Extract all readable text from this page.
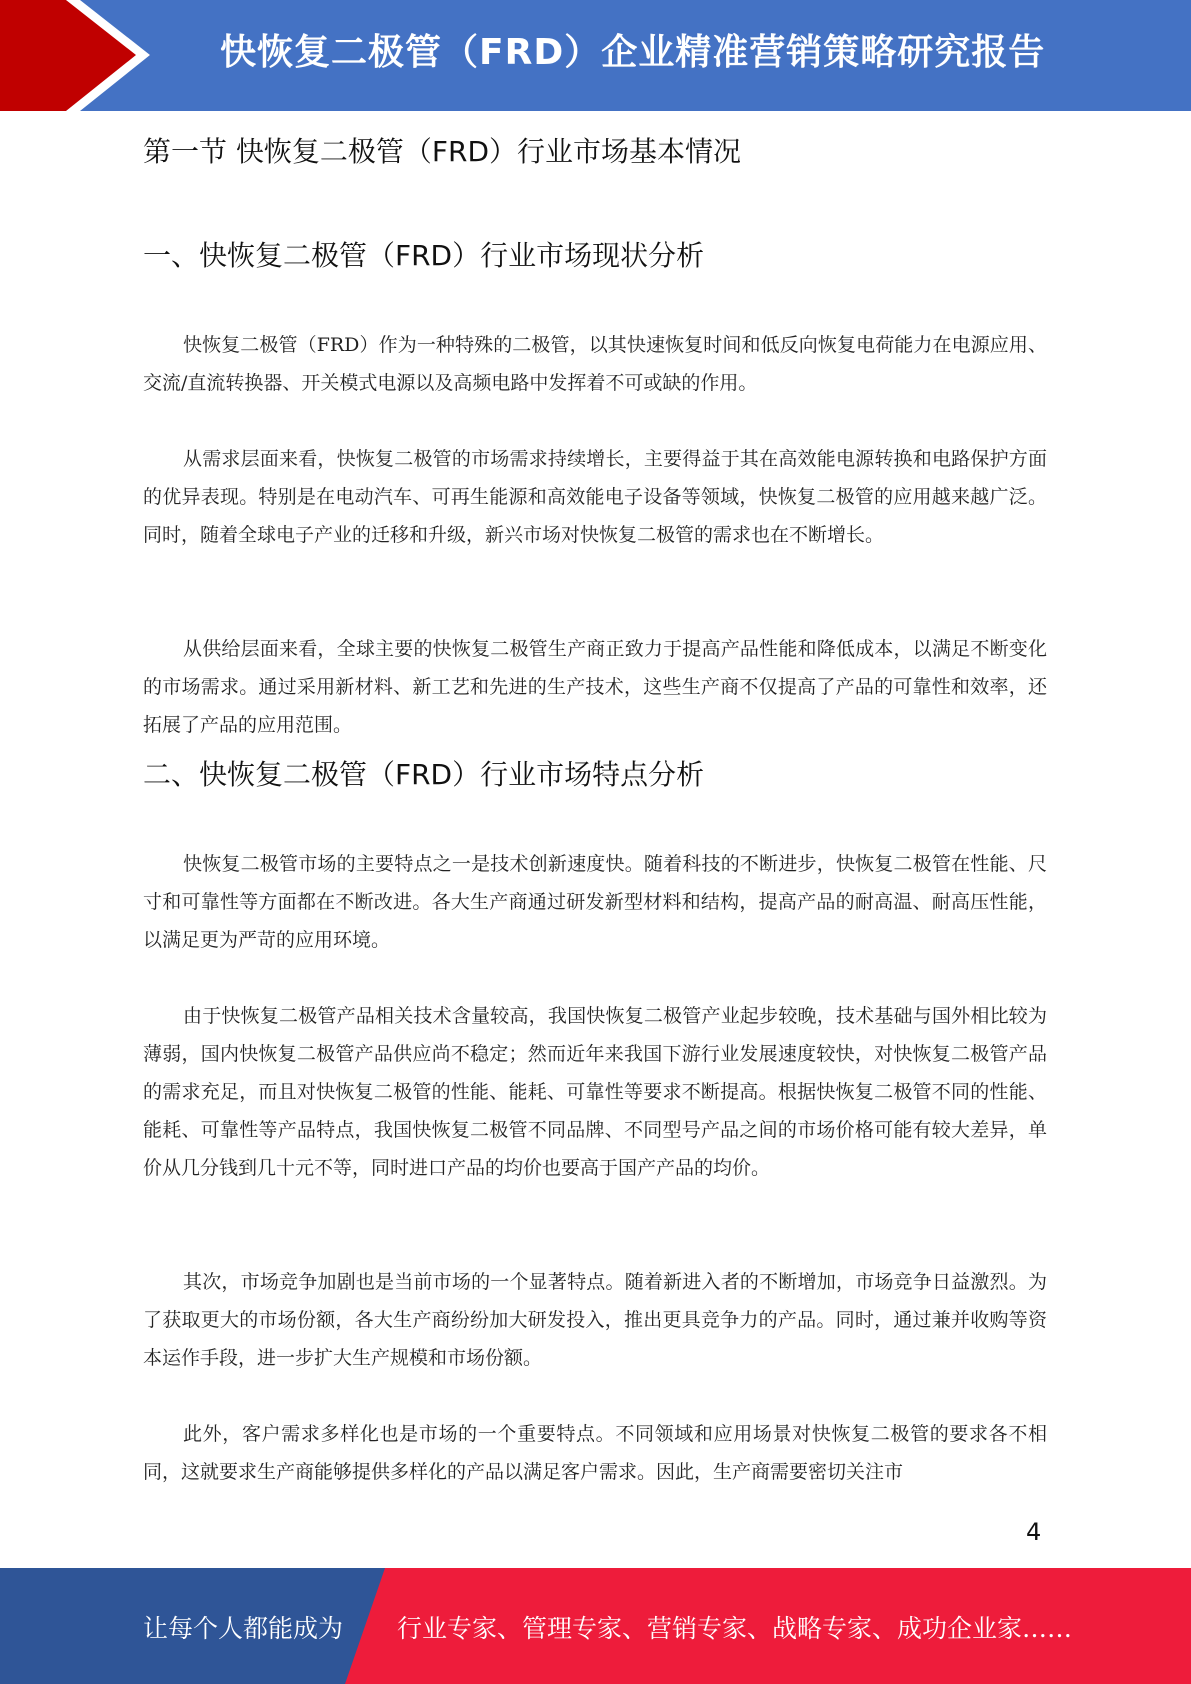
快恢复二极管（FRD）企业精准营销策略研究报告
第一节 快恢复二极管（FRD）行业市场基本情况
一、快恢复二极管（FRD）行业市场现状分析

快恢复二极管（FRD）作为一种特殊的二极管，以其快速恢复时间和低反向恢复电荷能力在电源应用、交流/直流转换器、开关模式电源以及高频电路中发挥着不可或缺的作用。

从需求层面来看，快恢复二极管的市场需求持续增长，主要得益于其在高效能电源转换和电路保护方面的优异表现。特别是在电动汽车、可再生能源和高效能电子设备等领域，快恢复二极管的应用越来越广泛。同时，随着全球电子产业的迁移和升级，新兴市场对快恢复二极管的需求也在不断增长。

从供给层面来看，全球主要的快恢复二极管生产商正致力于提高产品性能和降低成本，以满足不断变化的市场需求。通过采用新材料、新工艺和先进的生产技术，这些生产商不仅提高了产品的可靠性和效率，还拓展了产品的应用范围。

二、快恢复二极管（FRD）行业市场特点分析

快恢复二极管市场的主要特点之一是技术创新速度快。随着科技的不断进步，快恢复二极管在性能、尺寸和可靠性等方面都在不断改进。各大生产商通过研发新型材料和结构，提高产品的耐高温、耐高压性能，以满足更为严苛的应用环境。

由于快恢复二极管产品相关技术含量较高，我国快恢复二极管产业起步较晚，技术基础与国外相比较为薄弱，国内快恢复二极管产品供应尚不稳定；然而近年来我国下游行业发展速度较快，对快恢复二极管产品的需求充足，而且对快恢复二极管的性能、能耗、可靠性等要求不断提高。根据快恢复二极管不同的性能、能耗、可靠性等产品特点，我国快恢复二极管不同品牌、不同型号产品之间的市场价格可能有较大差异，单价从几分钱到几十元不等，同时进口产品的均价也要高于国产产品的均价。

其次，市场竞争加剧也是当前市场的一个显著特点。随着新进入者的不断增加，市场竞争日益激烈。为了获取更大的市场份额，各大生产商纷纷加大研发投入，推出更具竞争力的产品。同时，通过兼并收购等资本运作手段，进一步扩大生产规模和市场份额。

此外，客户需求多样化也是市场的一个重要特点。不同领域和应用场景对快恢复二极管的要求各不相同，这就要求生产商能够提供多样化的产品以满足客户需求。因此，生产商需要密切关注市

4
让每个人都能成为 行业专家、管理专家、营销专家、战略专家、成功企业家……
